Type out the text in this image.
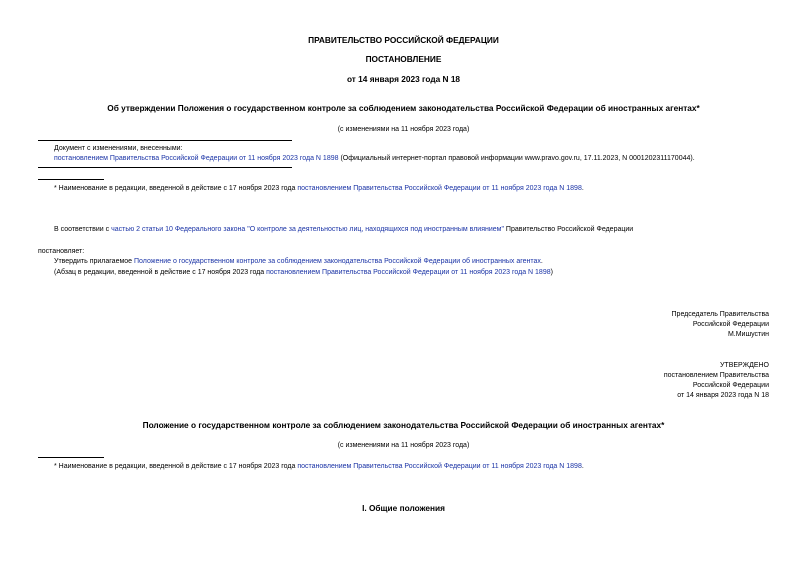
ПРАВИТЕЛЬСТВО РОССИЙСКОЙ ФЕДЕРАЦИИ
ПОСТАНОВЛЕНИЕ
от 14 января 2023 года N 18
Об утверждении Положения о государственном контроле за соблюдением законодательства Российской Федерации об иностранных агентах*
(с изменениями на 11 ноября 2023 года)
Документ с изменениями, внесенными:
постановлением Правительства Российской Федерации от 11 ноября 2023 года N 1898 (Официальный интернет-портал правовой информации www.pravo.gov.ru, 17.11.2023, N 0001202311170044).
* Наименование в редакции, введенной в действие с 17 ноября 2023 года постановлением Правительства Российской Федерации от 11 ноября 2023 года N 1898.
В соответствии с частью 2 статьи 10 Федерального закона "О контроле за деятельностью лиц, находящихся под иностранным влиянием" Правительство Российской Федерации
постановляет:
Утвердить прилагаемое Положение о государственном контроле за соблюдением законодательства Российской Федерации об иностранных агентах.
(Абзац в редакции, введенной в действие с 17 ноября 2023 года постановлением Правительства Российской Федерации от 11 ноября 2023 года N 1898)
Председатель Правительства
Российской Федерации
М.Мишустин
УТВЕРЖДЕНО
постановлением Правительства
Российской Федерации
от 14 января 2023 года N 18
Положение о государственном контроле за соблюдением законодательства Российской Федерации об иностранных агентах*
(с изменениями на 11 ноября 2023 года)
* Наименование в редакции, введенной в действие с 17 ноября 2023 года постановлением Правительства Российской Федерации от 11 ноября 2023 года N 1898.
I. Общие положения
